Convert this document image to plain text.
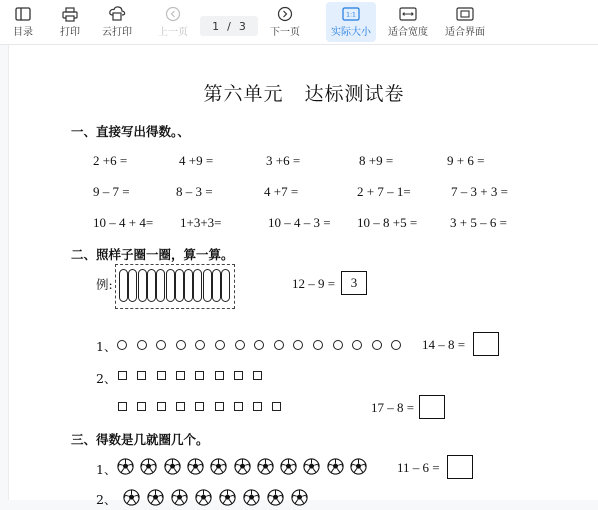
目录	打印 云打印	上一页 1 / 3 下一页
1:1
实际大小 适合宽度 适合界面
第六单元   达标测试卷
一、直接写出得数。、
2 +6 =	4 +9 =	3 +6 =	8 +9 =	9 + 6 =
9 – 7 =	8 – 3 =	4 +7 =	2 + 7 – 1=	7 – 3 + 3 =
10 – 4 + 4= 1+3+3=	10 – 4 – 3 = 10 – 8 +5 =	3 + 5 – 6 =
二、照样子圈一圈，算一算。
例:	12 – 9 =	3
1、	14 – 8 =
2、
17 – 8 =
三、得数是几就圈几个。
1、	11 – 6 =
2、
